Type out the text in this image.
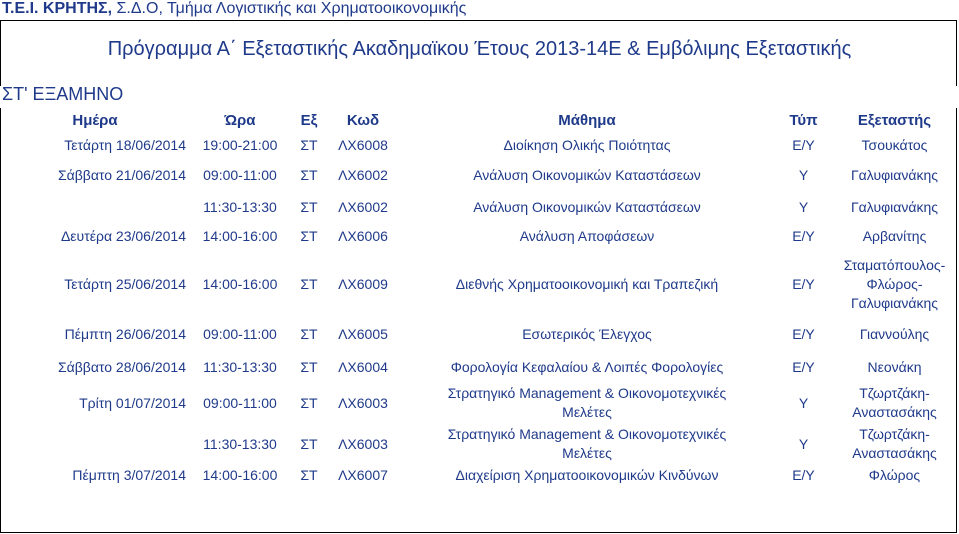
Τ.Ε.Ι. ΚΡΗΤΗΣ, Σ.Δ.Ο, Τμήμα Λογιστικής και Χρηματοοικονομικής
Πρόγραμμα Α΄ Εξεταστικής Ακαδημαϊκου Έτους 2013-14Ε & Εμβόλιμης Εξεταστικής
ΣΤ' ΕΞΑΜΗΝΟ
Ημέρα	Ώρα	Εξ	Κωδ	Μάθημα	Τύπ	Εξεταστής
Τετάρτη 18/06/2014	19:00-21:00	ΣΤ	ΛΧ6008	Διοίκηση Ολικής Ποιότητας	Ε/Υ	Τσουκάτος
Σάββατο 21/06/2014	09:00-11:00	ΣΤ	ΛΧ6002	Ανάλυση Οικονομικών Καταστάσεων	Υ	Γαλυφιανάκης
	11:30-13:30	ΣΤ	ΛΧ6002	Ανάλυση Οικονομικών Καταστάσεων	Υ	Γαλυφιανάκης
Δευτέρα 23/06/2014	14:00-16:00	ΣΤ	ΛΧ6006	Ανάλυση Αποφάσεων	Ε/Υ	Αρβανίτης
Τετάρτη 25/06/2014	14:00-16:00	ΣΤ	ΛΧ6009	Διεθνής Χρηματοοικονομική και Τραπεζική	Ε/Υ	Σταματόπουλος-Φλώρος-Γαλυφιανάκης
Πέμπτη 26/06/2014	09:00-11:00	ΣΤ	ΛΧ6005	Εσωτερικός Έλεγχος	Ε/Υ	Γιαννούλης
Σάββατο 28/06/2014	11:30-13:30	ΣΤ	ΛΧ6004	Φορολογία Κεφαλαίου & Λοιπές Φορολογίες	Ε/Υ	Νεονάκη
Τρίτη 01/07/2014	09:00-11:00	ΣΤ	ΛΧ6003	Στρατηγικό Management & Οικονομοτεχνικές Μελέτες	Υ	Τζωρτζάκη-Αναστασάκης
	11:30-13:30	ΣΤ	ΛΧ6003	Στρατηγικό Management & Οικονομοτεχνικές Μελέτες	Υ	Τζωρτζάκη-Αναστασάκης
Πέμπτη 3/07/2014	14:00-16:00	ΣΤ	ΛΧ6007	Διαχείριση Χρηματοοικονομικών Κινδύνων	Ε/Υ	Φλώρος
